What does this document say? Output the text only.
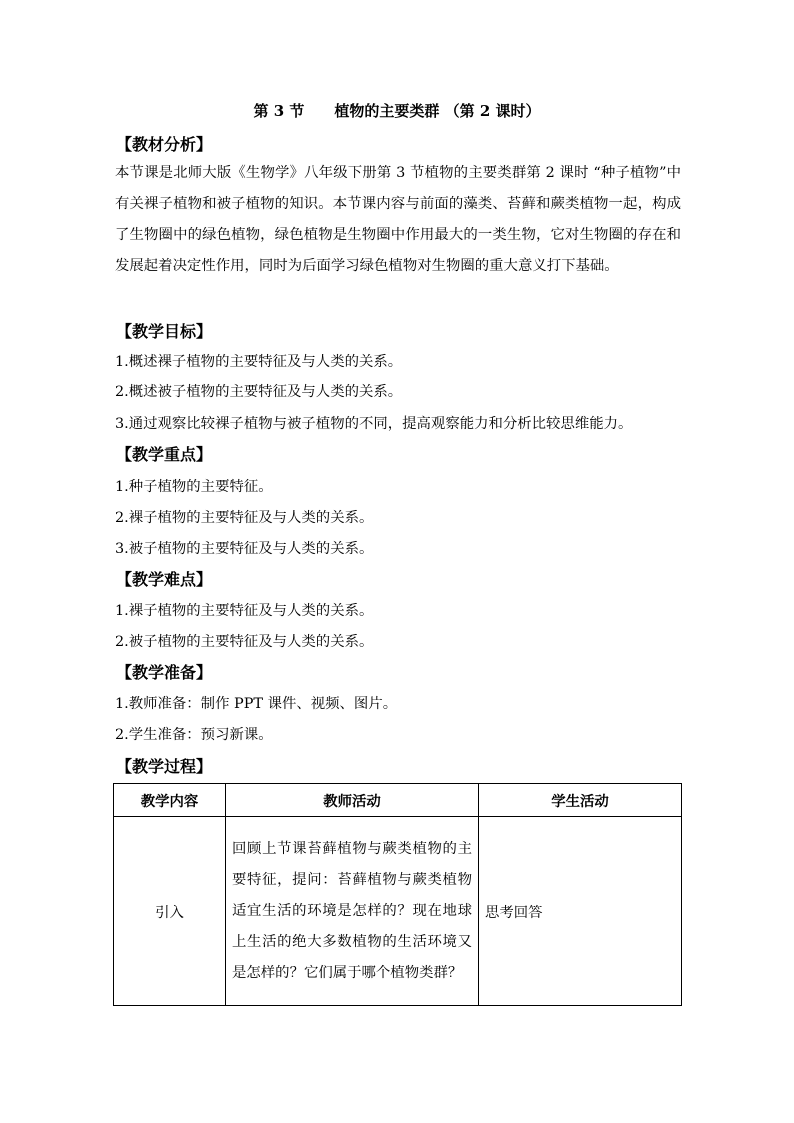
第 3 节　　植物的主要类群 （第 2 课时）
【教材分析】
本节课是北师大版《生物学》八年级下册第 3 节植物的主要类群第 2 课时 “种子植物”中有关裸子植物和被子植物的知识。本节课内容与前面的藻类、苔藓和蕨类植物一起，构成了生物圈中的绿色植物，绿色植物是生物圈中作用最大的一类生物，它对生物圈的存在和发展起着决定性作用，同时为后面学习绿色植物对生物圈的重大意义打下基础。
【教学目标】
1.概述裸子植物的主要特征及与人类的关系。
2.概述被子植物的主要特征及与人类的关系。
3.通过观察比较裸子植物与被子植物的不同，提高观察能力和分析比较思维能力。
【教学重点】
1.种子植物的主要特征。
2.裸子植物的主要特征及与人类的关系。
3.被子植物的主要特征及与人类的关系。
【教学难点】
1.裸子植物的主要特征及与人类的关系。
2.被子植物的主要特征及与人类的关系。
【教学准备】
1.教师准备：制作 PPT 课件、视频、图片。
2.学生准备：预习新课。
【教学过程】
教学内容	教师活动	学生活动
引入	回顾上节课苔藓植物与蕨类植物的主要特征，提问：苔藓植物与蕨类植物适宜生活的环境是怎样的？现在地球上生活的绝大多数植物的生活环境又是怎样的？它们属于哪个植物类群？	思考回答
